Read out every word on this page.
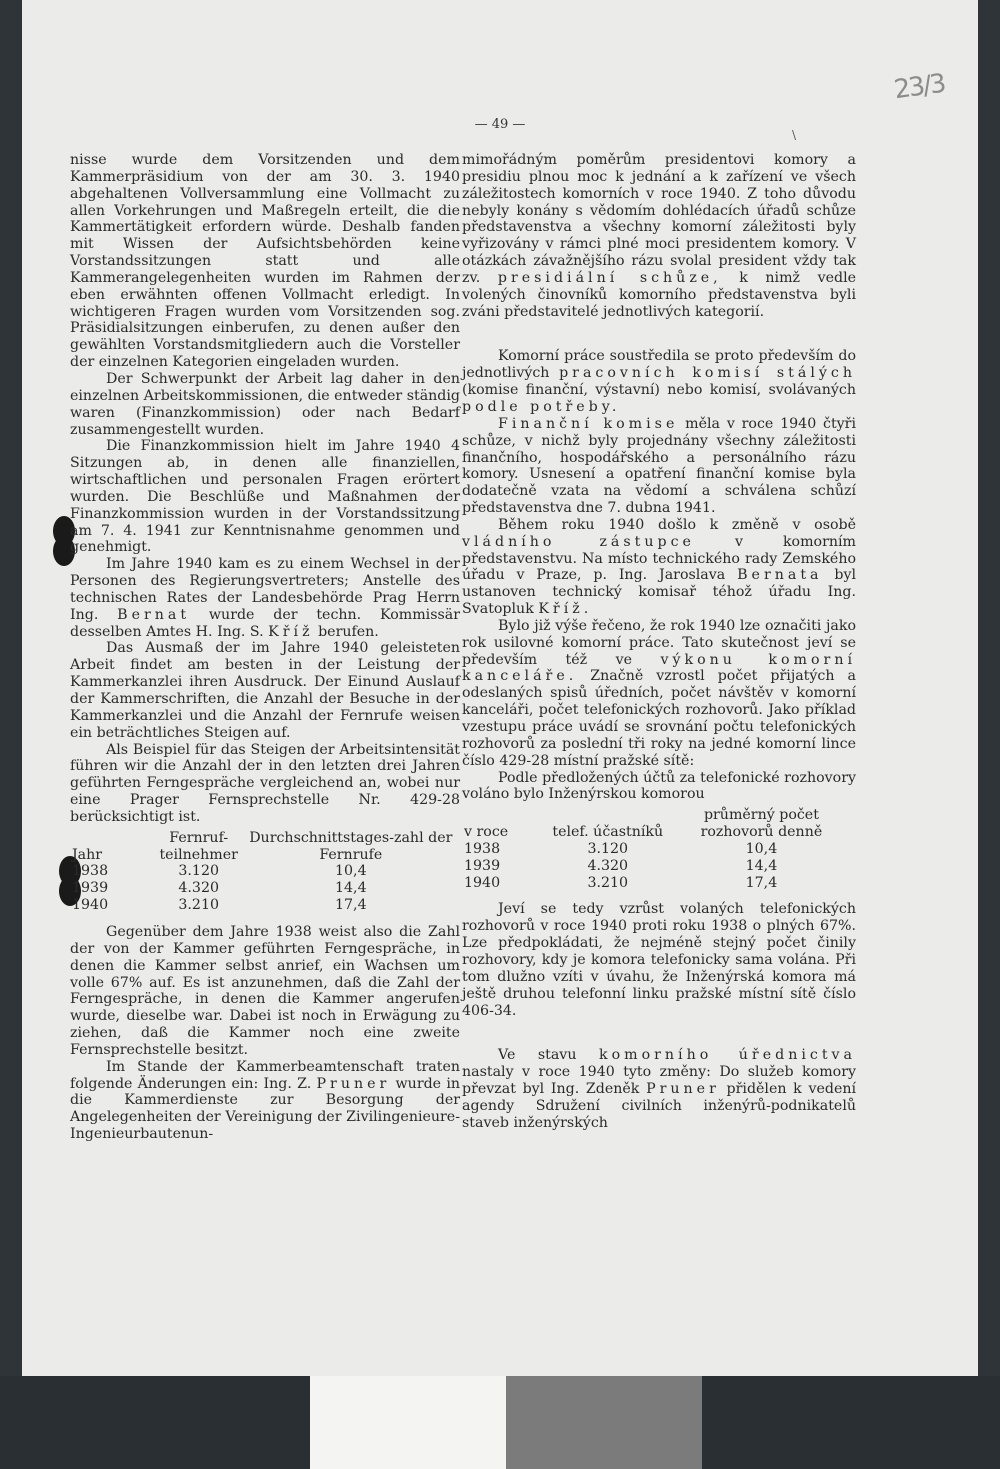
23/3
— 49 —
\

nisse wurde dem Vorsitzenden und dem Kammerpräsidium von der am 30. 3. 1940 abgehaltenen Vollversammlung eine Vollmacht zu allen Vorkehrungen und Maßregeln erteilt, die die Kammertätigkeit erfordern würde. Deshalb fanden mit Wissen der Aufsichtsbehörden keine Vorstandssitzungen statt und alle Kammerangelegenheiten wurden im Rahmen der eben erwähnten offenen Vollmacht erledigt. In wichtigeren Fragen wurden vom Vorsitzenden sog. Präsidialsitzungen einberufen, zu denen außer den gewählten Vorstandsmitgliedern auch die Vorsteller der einzelnen Kategorien eingeladen wurden.

Der Schwerpunkt der Arbeit lag daher in den einzelnen Arbeitskommissionen, die entweder ständig waren (Finanzkommission) oder nach Bedarf zusammengestellt wurden.

Die Finanzkommission hielt im Jahre 1940 4 Sitzungen ab, in denen alle finanziellen, wirtschaftlichen und personalen Fragen erörtert wurden. Die Beschlüße und Maßnahmen der Finanzkommission wurden in der Vorstandssitzung am 7. 4. 1941 zur Kenntnisnahme genommen und genehmigt.

Im Jahre 1940 kam es zu einem Wechsel in der Personen des Regierungsvertreters; Anstelle des technischen Rates der Landesbehörde Prag Herrn Ing. Bernat wurde der techn. Kommissär desselben Amtes H. Ing. S. Kříž berufen.

Das Ausmaß der im Jahre 1940 geleisteten Arbeit findet am besten in der Leistung der Kammerkanzlei ihren Ausdruck. Der Einund Auslauf der Kammerschriften, die Anzahl der Besuche in der Kammerkanzlei und die Anzahl der Fernrufe weisen ein beträchtliches Steigen auf.

Als Beispiel für das Steigen der Arbeitsintensität führen wir die Anzahl der in den letzten drei Jahren geführten Ferngespräche vergleichend an, wobei nur eine Prager Fernsprechstelle Nr. 429-28 berücksichtigt ist.

Jahr	Fernruf-teilnehmer	Durchschnittstages-zahl der Fernrufe
1938	3.120	10,4
1939	4.320	14,4
1940	3.210	17,4

Gegenüber dem Jahre 1938 weist also die Zahl der von der Kammer geführten Ferngespräche, in denen die Kammer selbst anrief, ein Wachsen um volle 67% auf. Es ist anzunehmen, daß die Zahl der Ferngespräche, in denen die Kammer angerufen wurde, dieselbe war. Dabei ist noch in Erwägung zu ziehen, daß die Kammer noch eine zweite Fernsprechstelle besitzt.

Im Stande der Kammerbeamtenschaft traten folgende Änderungen ein: Ing. Z. Pruner wurde in die Kammerdienste zur Besorgung der Angelegenheiten der Vereinigung der Zivilingenieure-Ingenieurbautenun-

mimořádným poměrům presidentovi komory a presidiu plnou moc k jednání a k zařízení ve všech záležitostech komorních v roce 1940. Z toho důvodu nebyly konány s vědomím dohlédacích úřadů schůze představenstva a všechny komorní záležitosti byly vyřizovány v rámci plné moci presidentem komory. V otázkách závažnějšího rázu svolal president vždy tak zv. presidiální schůze, k nimž vedle volených činovníků komorního představenstva byli zváni představitelé jednotlivých kategorií.

Komorní práce soustředila se proto především do jednotlivých pracovních komisí stálých (komise finanční, výstavní) nebo komisí, svolávaných podle potřeby.

Finanční komise měla v roce 1940 čtyři schůze, v nichž byly projednány všechny záležitosti finančního, hospodářského a personálního rázu komory. Usnesení a opatření finanční komise byla dodatečně vzata na vědomí a schválena schůzí představenstva dne 7. dubna 1941.

Během roku 1940 došlo k změně v osobě vládního zástupce	v komorním představenstvu. Na místo technického rady Zemského úřadu v Praze, p. Ing. Jaroslava Bernata byl ustanoven technický komisař téhož úřadu Ing. Svatopluk Kříž.

Bylo již výše řečeno, že rok 1940 lze označiti jako rok usilovné komorní práce. Tato skutečnost jeví se především též ve výkonu komorní kanceláře. Značně vzrostl počet přijatých a odeslaných spisů úředních, počet návštěv v komorní kanceláři, počet telefonických rozhovorů. Jako příklad vzestupu práce uvádí se srovnání počtu telefonických rozhovorů za poslední tři roky na jedné komorní lince číslo 429-28 místní pražské sítě:

Podle předložených účtů za telefonické rozhovory voláno bylo Inženýrskou komorou

v roce	telef. účastníků	průměrný počet rozhovorů denně
1938	3.120	10,4
1939	4.320	14,4
1940	3.210	17,4

Jeví se tedy vzrůst volaných telefonických rozhovorů v roce 1940 proti roku 1938 o plných 67%. Lze předpokládati, že nejméně stejný počet činily rozhovory, kdy je komora telefonicky sama volána. Při tom dlužno vzíti v úvahu, že Inženýrská komora má ještě druhou telefonní linku pražské místní sítě číslo 406-34.

Ve stavu komorního úřednictva nastaly v roce 1940 tyto změny: Do služeb komory převzat byl Ing. Zdeněk Pruner přidělen k vedení agendy Sdružení civilních inženýrů-podnikatelů staveb inženýrských
